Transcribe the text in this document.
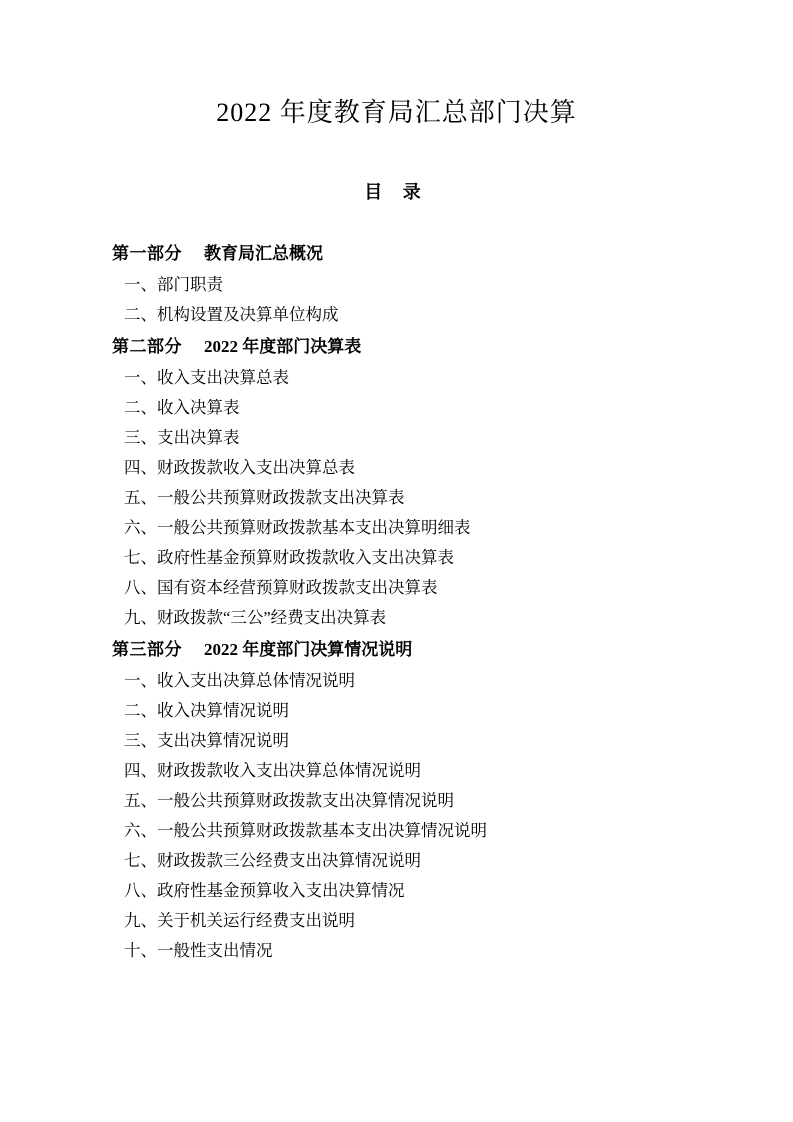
2022 年度教育局汇总部门决算
目 录
第一部分 教育局汇总概况
一、部门职责
二、机构设置及决算单位构成
第二部分 2022 年度部门决算表
一、收入支出决算总表
二、收入决算表
三、支出决算表
四、财政拨款收入支出决算总表
五、一般公共预算财政拨款支出决算表
六、一般公共预算财政拨款基本支出决算明细表
七、政府性基金预算财政拨款收入支出决算表
八、国有资本经营预算财政拨款支出决算表
九、财政拨款“三公”经费支出决算表
第三部分 2022 年度部门决算情况说明
一、收入支出决算总体情况说明
二、收入决算情况说明
三、支出决算情况说明
四、财政拨款收入支出决算总体情况说明
五、一般公共预算财政拨款支出决算情况说明
六、一般公共预算财政拨款基本支出决算情况说明
七、财政拨款三公经费支出决算情况说明
八、政府性基金预算收入支出决算情况
九、关于机关运行经费支出说明
十、一般性支出情况
